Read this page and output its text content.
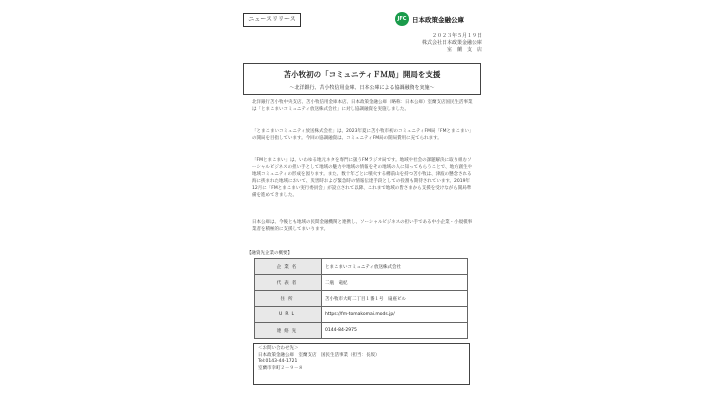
ニュースリリース	JFC 日本政策金融公庫
２０２３年５月１９日
株式会社日本政策金融公庫
室　蘭　支　店
苫小牧初の「コミュニティＦＭ局」開局を支援
～北洋銀行、苫小牧信用金庫、日本公庫による協調融資を実施～
北洋銀行苫小牧中央支店、苫小牧信用金庫本店、日本政策金融公庫（略称：日本公庫）室蘭支店国民生活事業は「とまこまいコミュニティ放送株式会社」に対し協調融資を実施しました。
「とまこまいコミュニティ放送株式会社」は、2023年夏に苫小牧市初のコミュニティFM局「FMとまこまい」の開局を目指しています。今回の協調融資は、コミュニティFM局の開局費用に充てられます。
「FMとまこまい」は、いわゆる地元ネタを専門に扱うFMラジオ局です。地域や社会の課題解決に取り組むソーシャルビジネスの担い手として地域の魅力や地域の情報をその地域の人に知ってもらうことで、地方創生や地域コミュニティの形成を図ります。また、数十年ごとに噴火する樽前山を持つ苫小牧は、津波の懸念される海に挟まれた地域において、災害時および緊急時の情報伝達手段としての役割も期待されています。2019年12月に「FMとまこまい実行委員会」が設立されて以降、これまで地域の皆さまから支援を受けながら開局準備を進めてきました。
日本公庫は、今後とも地域の民間金融機関と連携し、ソーシャルビジネスの担い手である中小企業・小規模事業者を積極的に支援してまいります。
【融資先企業の概要】
企業名	とまこまいコミュニティ放送株式会社
代表者	二瓶　竜紀
住所	苫小牧市大町二丁目１番１号　扇座ビル
URL	https://fm-tomakomai.mods.jp/
連絡先	0144-84-2975
＜お問い合わせ先＞
日本政策金融公庫　室蘭支店　国民生活事業（担当：長坂）
Tel:0143-44-1721
室蘭市幸町２－９－８
